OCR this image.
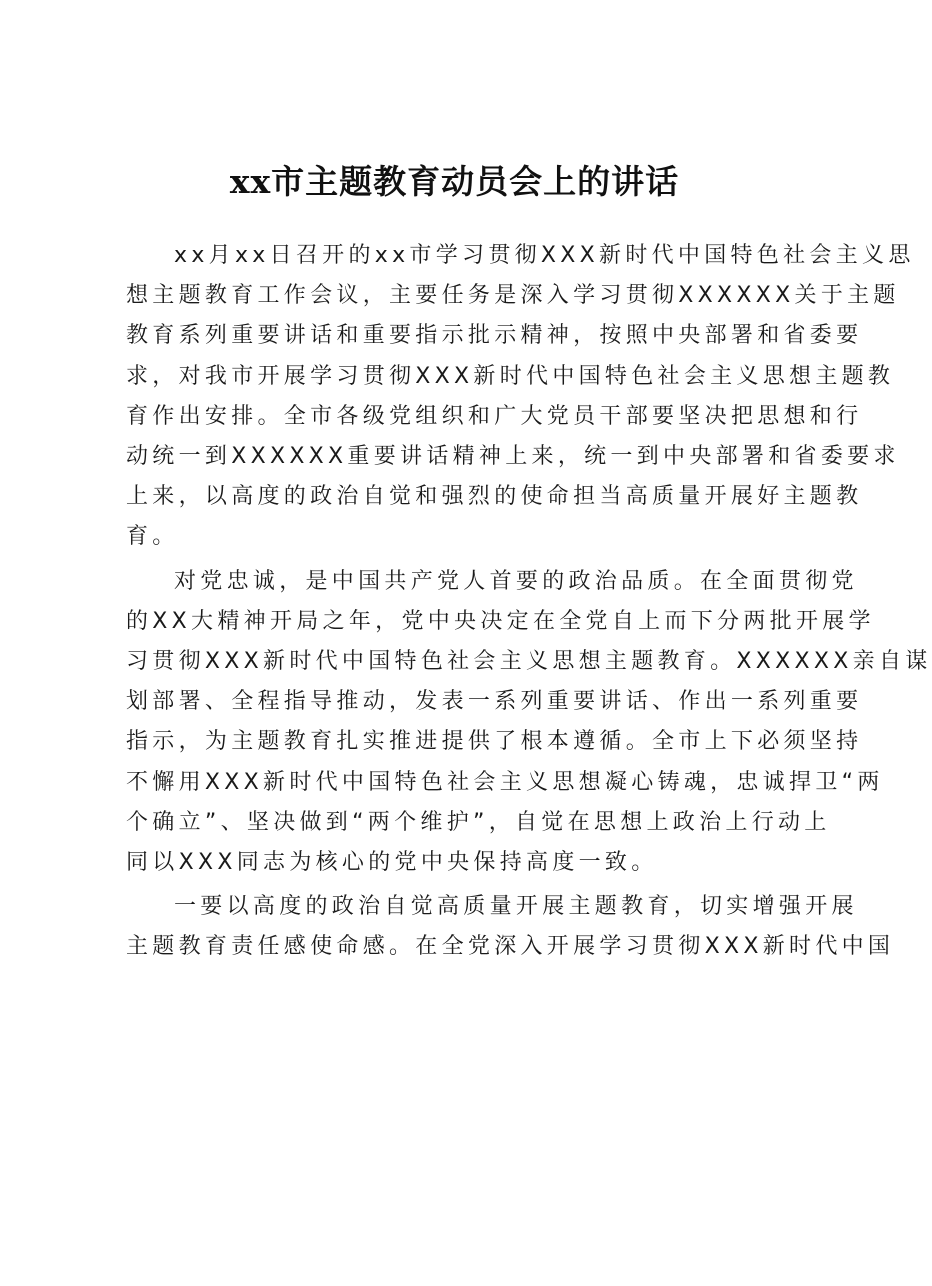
xx市主题教育动员会上的讲话
xx月xx日召开的xx市学习贯彻XXX新时代中国特色社会主义思
想主题教育工作会议，主要任务是深入学习贯彻XXXXXX关于主题
教育系列重要讲话和重要指示批示精神，按照中央部署和省委要
求，对我市开展学习贯彻XXX新时代中国特色社会主义思想主题教
育作出安排。全市各级党组织和广大党员干部要坚决把思想和行
动统一到XXXXXX重要讲话精神上来，统一到中央部署和省委要求
上来，以高度的政治自觉和强烈的使命担当高质量开展好主题教
育。
对党忠诚，是中国共产党人首要的政治品质。在全面贯彻党
的XX大精神开局之年，党中央决定在全党自上而下分两批开展学
习贯彻XXX新时代中国特色社会主义思想主题教育。XXXXXX亲自谋
划部署、全程指导推动，发表一系列重要讲话、作出一系列重要
指示，为主题教育扎实推进提供了根本遵循。全市上下必须坚持
不懈用XXX新时代中国特色社会主义思想凝心铸魂，忠诚捍卫“两
个确立”、坚决做到“两个维护”，自觉在思想上政治上行动上
同以XXX同志为核心的党中央保持高度一致。
一要以高度的政治自觉高质量开展主题教育，切实增强开展
主题教育责任感使命感。在全党深入开展学习贯彻XXX新时代中国
